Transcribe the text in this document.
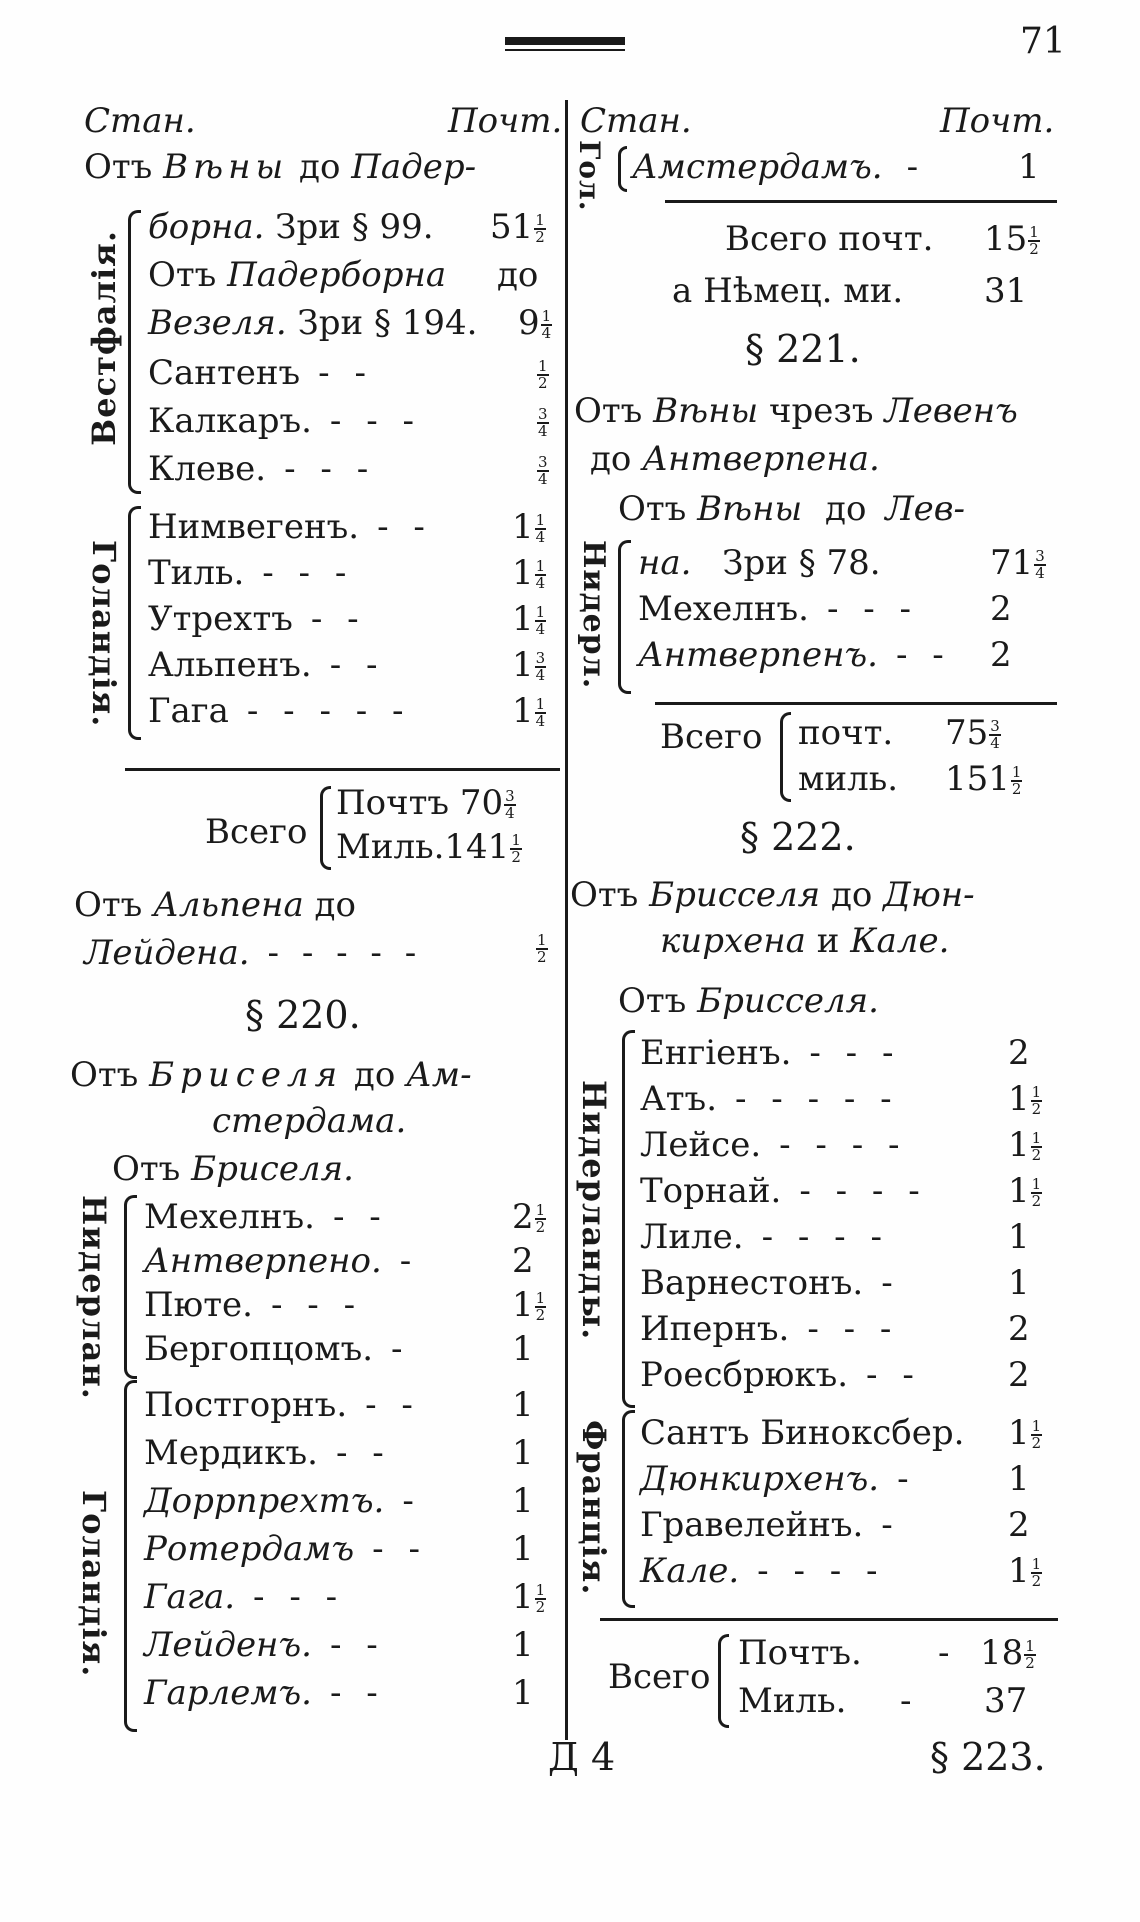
71
Стан.	Почт.
Отъ Вѣны до Падер-
Вестфалія.
борна. Зри § 99. $51 \frac{1}{2}$
Отъ Падерборна до
Везеля. Зри § 194. $9 \frac{1}{4}$
Сантенъ - -	$\frac{1}{2}$
Калкаръ. - - -	$\frac{3}{4}$
Клеве. - - -	$\frac{3}{4}$
Голандія.
Нимвегенъ. - - $1 \frac{1}{4}$
Тиль. - - -	$1 \frac{1}{4}$
Утрехтъ - -	$1 \frac{1}{4}$
Альпенъ. - -	$1 \frac{3}{4}$
Гага - - - - -	$1 \frac{1}{4}$
Всего
Почтъ $70 \frac{3}{4}$
Миль.141 $\frac{1}{2}$
Отъ Альпена до
Лейдена. - - - - -	$\frac{1}{2}$
§ 220.
Отъ Бриселя до Ам-
стердама.
Отъ Бриселя.
Нидерлан. Мехелнъ. - -	$2 \frac{1}{2}$
Антверпено. -	2
Пюте. - - -	$1 \frac{1}{2}$
Бергопцомъ. -	1
Голандія.
Постгорнъ. - -	1
Мердикъ. - -	1
Доррпрехтъ. -	1
Ротердамъ - -	1
Гага. - - -	$1 \frac{1}{2}$
Лейденъ. - -	1
Гарлемъ. - -	1
Стан.	Почт.
Гол. Амстердамъ. -	1
Всего почт. $15 \frac{1}{2}$
а Нѣмец. ми. 31
§ 221.
Отъ Вѣны чрезъ Левенъ
до Антверпена.
Отъ Вѣны до Лев-
Нидерл. на. Зри § 78.	$71 \frac{3}{4}$
Мехелнъ. - - - 2
Антверпенъ. - - 2
Всего почт. $75 \frac{3}{4}$
миль. $151 \frac{1}{2}$
§ 222.
Отъ Брисселя до Дюн-
кирхена и Кале.
Отъ Брисселя.
Нидерланды.
Франція.
Енгіенъ. - - -	2
Атъ. - - - - -	$1 \frac{1}{2}$
Лейсе. - - - -	$1 \frac{1}{2}$
Торнай. - - - - $1 \frac{1}{2}$
Лиле. - - - -	1
Варнестонъ. -	1
Ипернъ. - - -	2
Роесбрюкъ. - -	2
Сантъ Биноксбер. $1 \frac{1}{2}$
Дюнкирхенъ. -	1
Гравелейнъ. -	2
Кале. - - - -	$1 \frac{1}{2}$
Всего
Почтъ. - $18 \frac{1}{2}$
Миль. - 37
Д 4	§ 223.
